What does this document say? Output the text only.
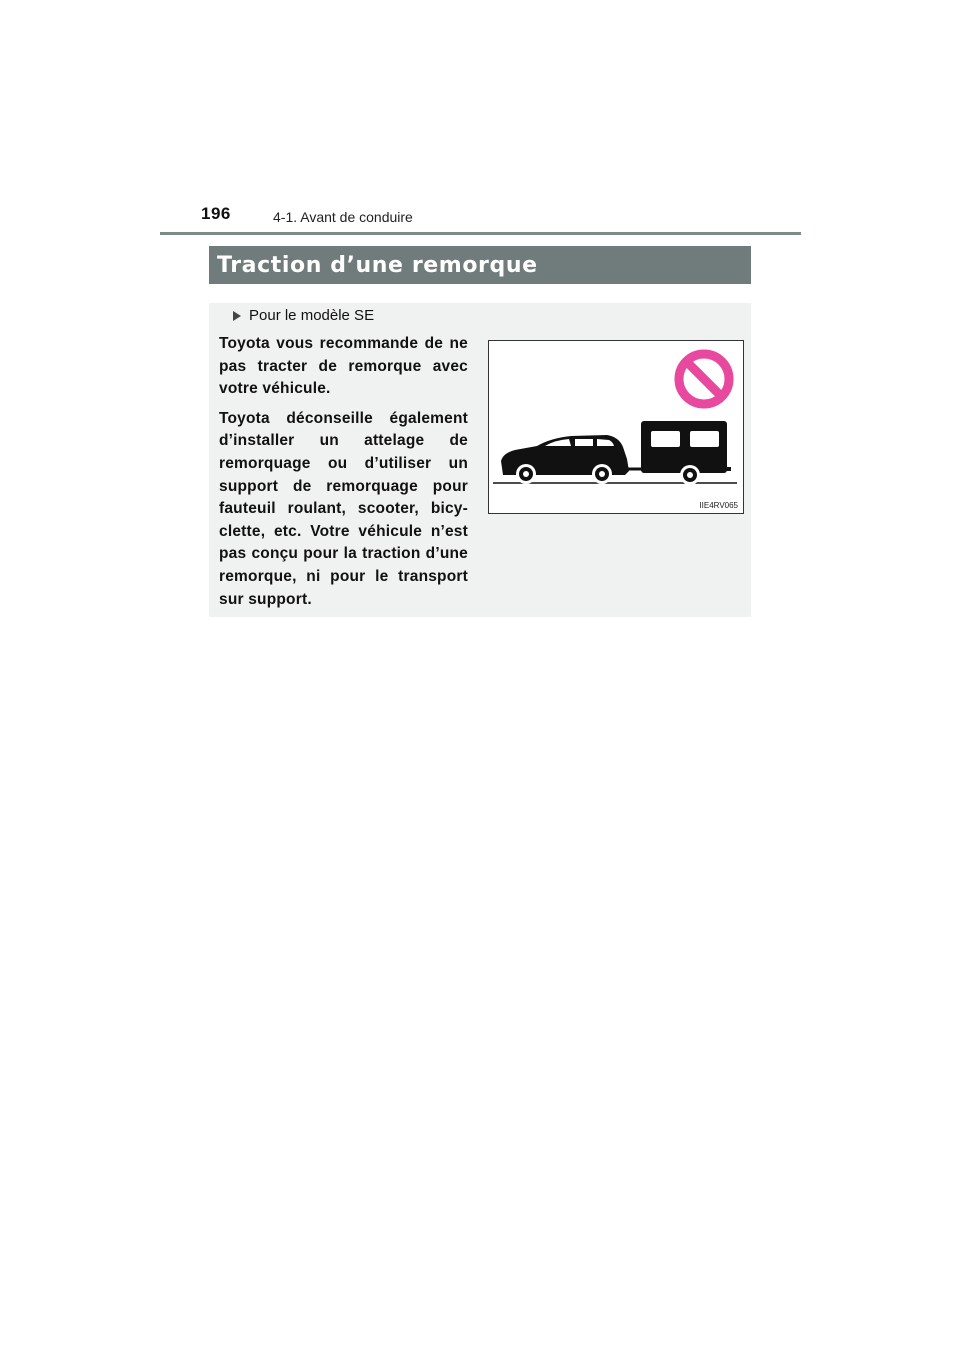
196	4-1. Avant de conduire
Traction d’une remorque
Pour le modèle SE

Toyota vous recommande de ne pas tracter de remorque avec votre véhicule.

Toyota déconseille également d’installer un attelage de remorquage ou d’utiliser un support de remorquage pour fauteuil roulant, scooter, bicy-clette, etc. Votre véhicule n’est pas conçu pour la traction d’une remorque, ni pour le transport sur support.

IIE4RV065
